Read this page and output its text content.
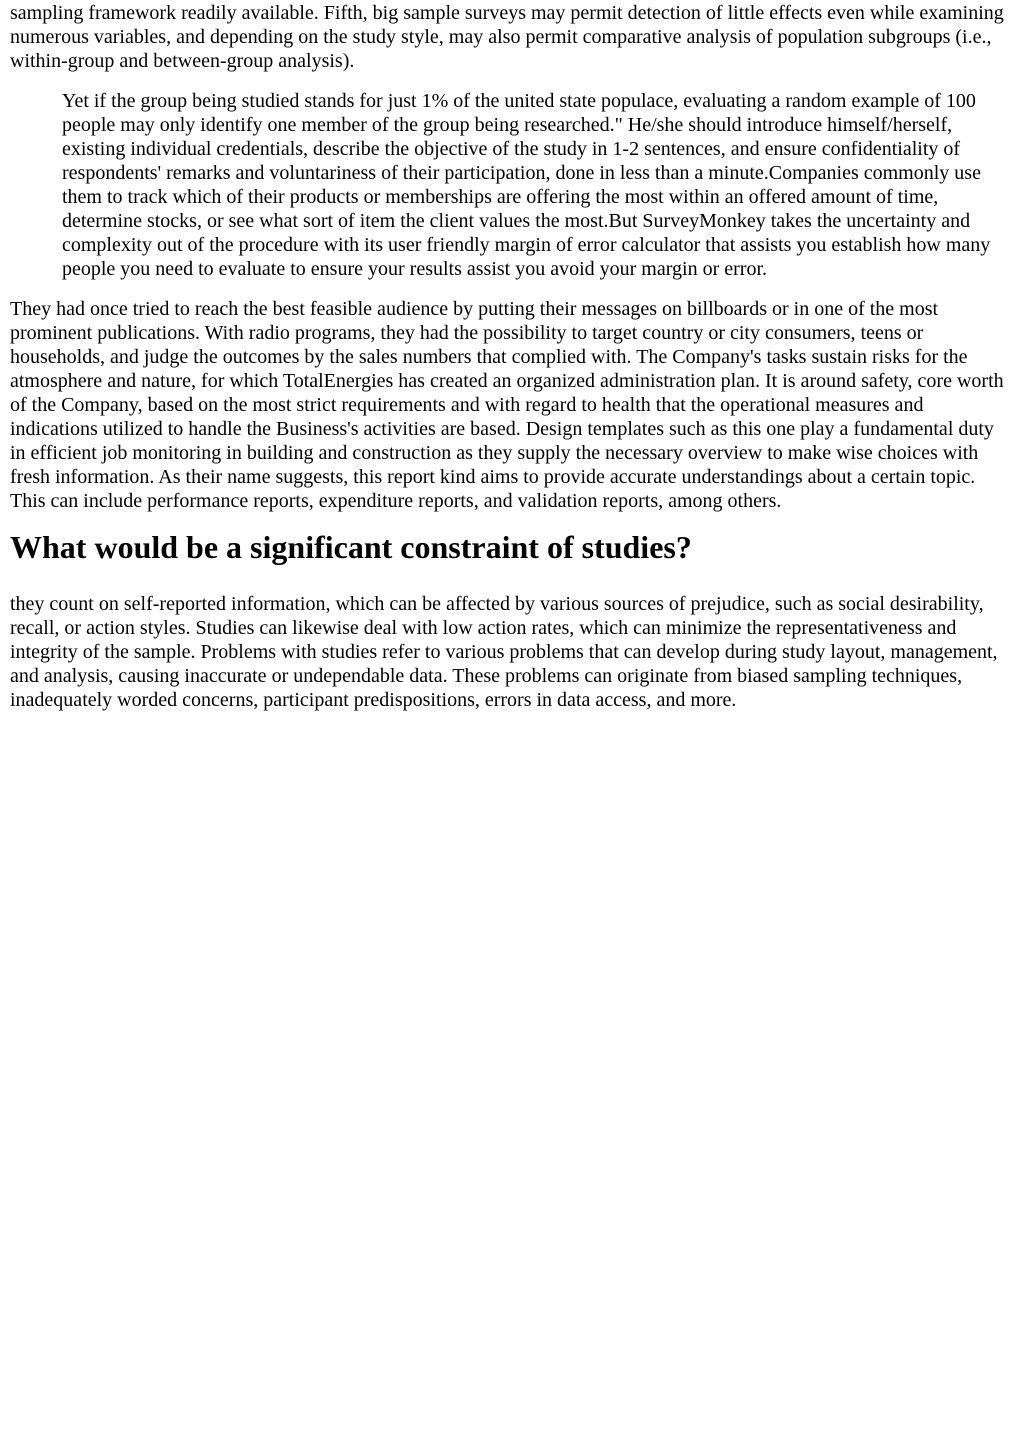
sampling framework readily available. Fifth, big sample surveys may permit detection of little effects even while examining numerous variables, and depending on the study style, may also permit comparative analysis of population subgroups (i.e., within-group and between-group analysis).

Yet if the group being studied stands for just 1% of the united state populace, evaluating a random example of 100 people may only identify one member of the group being researched." He/she should introduce himself/herself, existing individual credentials, describe the objective of the study in 1-2 sentences, and ensure confidentiality of respondents' remarks and voluntariness of their participation, done in less than a minute.Companies commonly use them to track which of their products or memberships are offering the most within an offered amount of time, determine stocks, or see what sort of item the client values the most.But SurveyMonkey takes the uncertainty and complexity out of the procedure with its user friendly margin of error calculator that assists you establish how many people you need to evaluate to ensure your results assist you avoid your margin or error.

They had once tried to reach the best feasible audience by putting their messages on billboards or in one of the most prominent publications. With radio programs, they had the possibility to target country or city consumers, teens or households, and judge the outcomes by the sales numbers that complied with. The Company's tasks sustain risks for the atmosphere and nature, for which TotalEnergies has created an organized administration plan. It is around safety, core worth of the Company, based on the most strict requirements and with regard to health that the operational measures and indications utilized to handle the Business's activities are based. Design templates such as this one play a fundamental duty in efficient job monitoring in building and construction as they supply the necessary overview to make wise choices with fresh information. As their name suggests, this report kind aims to provide accurate understandings about a certain topic. This can include performance reports, expenditure reports, and validation reports, among others.

What would be a significant constraint of studies?

they count on self-reported information, which can be affected by various sources of prejudice, such as social desirability, recall, or action styles. Studies can likewise deal with low action rates, which can minimize the representativeness and integrity of the sample. Problems with studies refer to various problems that can develop during study layout, management, and analysis, causing inaccurate or undependable data. These problems can originate from biased sampling techniques, inadequately worded concerns, participant predispositions, errors in data access, and more.
